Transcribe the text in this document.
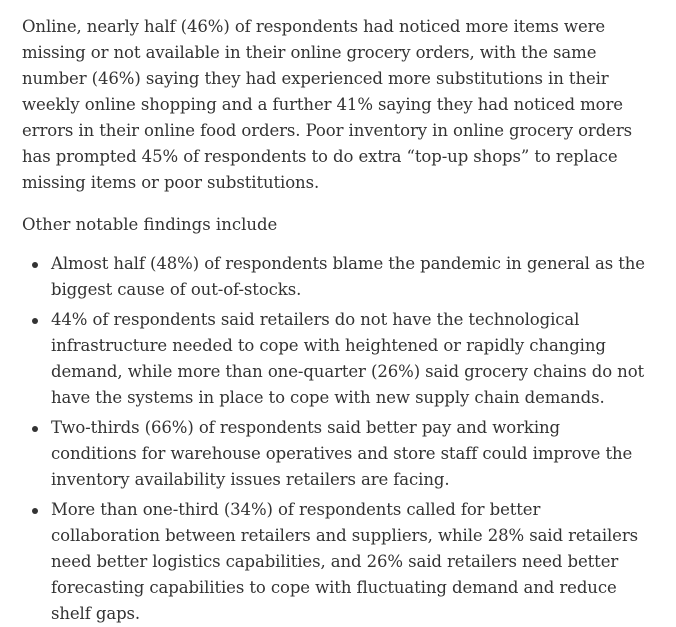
Online, nearly half (46%) of respondents had noticed more items were missing or not available in their online grocery orders, with the same number (46%) saying they had experienced more substitutions in their weekly online shopping and a further 41% saying they had noticed more errors in their online food orders. Poor inventory in online grocery orders has prompted 45% of respondents to do extra “top-up shops” to replace missing items or poor substitutions.

Other notable findings include

Almost half (48%) of respondents blame the pandemic in general as the biggest cause of out-of-stocks.
44% of respondents said retailers do not have the technological infrastructure needed to cope with heightened or rapidly changing demand, while more than one-quarter (26%) said grocery chains do not have the systems in place to cope with new supply chain demands.
Two-thirds (66%) of respondents said better pay and working conditions for warehouse operatives and store staff could improve the inventory availability issues retailers are facing.
More than one-third (34%) of respondents called for better collaboration between retailers and suppliers, while 28% said retailers need better logistics capabilities, and 26% said retailers need better forecasting capabilities to cope with fluctuating demand and reduce shelf gaps.
